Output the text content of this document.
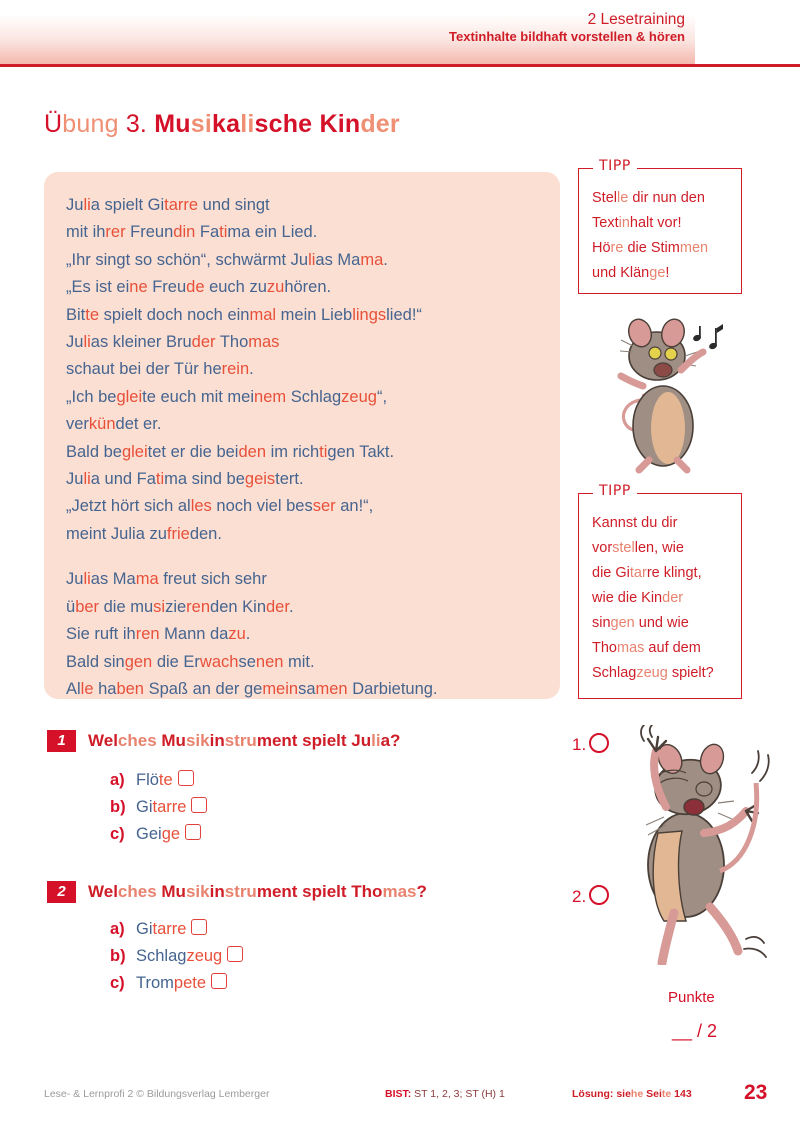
2 Lesetraining
Textinhalte bildhaft vorstellen & hören
Übung 3. Musikalische Kinder
Julia spielt Gitarre und singt
mit ihrer Freundin Fatima ein Lied.
„Ihr singt so schön“, schwärmt Julias Mama.
„Es ist eine Freude euch zuzuhören.
Bitte spielt doch noch einmal mein Lieblingslied!“
Julias kleiner Bruder Thomas
schaut bei der Tür herein.
„Ich begleite euch mit meinem Schlagzeug“,
verkündet er.
Bald begleitet er die beiden im richtigen Takt.
Julia und Fatima sind begeistert.
„Jetzt hört sich alles noch viel besser an!“,
meint Julia zufrieden.
Julias Mama freut sich sehr
über die musizierenden Kinder.
Sie ruft ihren Mann dazu.
Bald singen die Erwachsenen mit.
Alle haben Spaß an der gemeinsamen Darbietung.
TIPP
Stelle dir nun den
Textinhalt vor!
Höre die Stimmen
und Klänge!
TIPP
Kannst du dir
vorstellen, wie
die Gitarre klingt,
wie die Kinder
singen und wie
Thomas auf dem
Schlagzeug spielt?
1	Welches Musikinstrument spielt Julia?
a) Flöte
b) Gitarre
c) Geige
2	Welches Musikinstrument spielt Thomas?
a) Gitarre
b) Schlagzeug
c) Trompete
1.
2.
Punkte
__ / 2
Lese- & Lernprofi 2 © Bildungsverlag Lemberger	BIST: ST 1, 2, 3; ST (H) 1	Lösung: siehe Seite 143 23
